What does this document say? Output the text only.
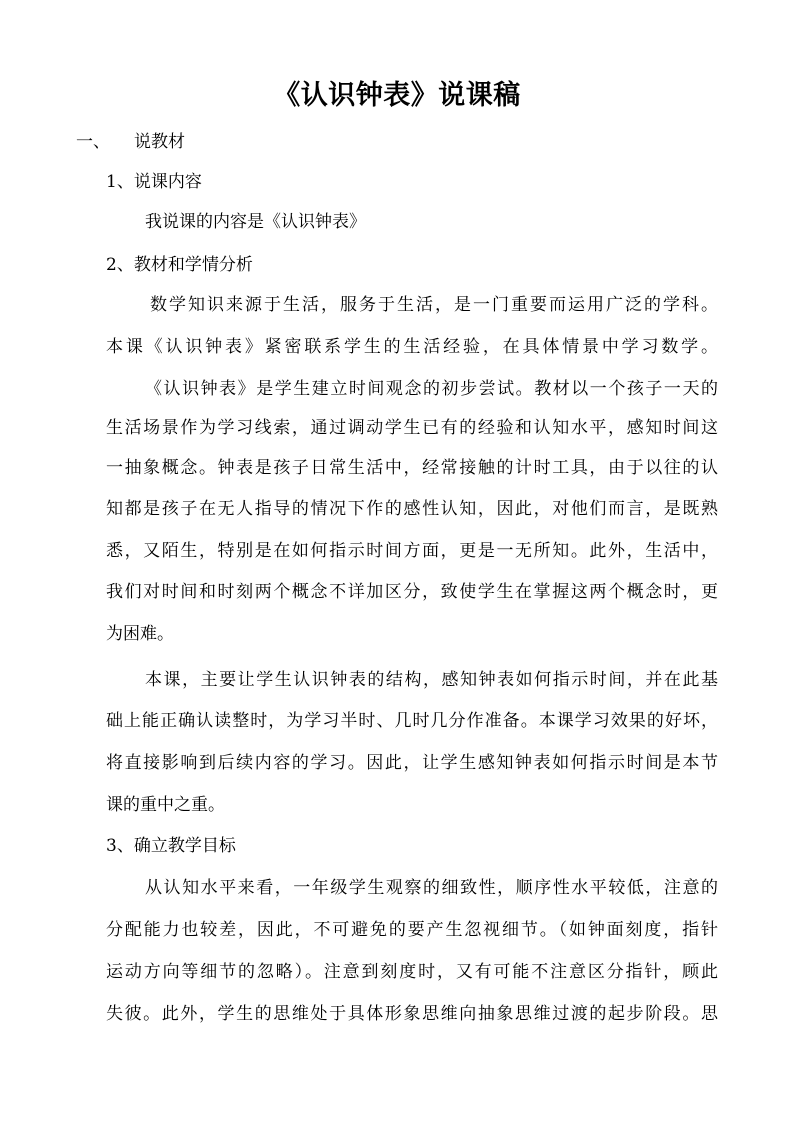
《认识钟表》说课稿
一、 说教材
1、说课内容
我说课的内容是《认识钟表》
2、教材和学情分析
数学知识来源于生活，服务于生活，是一门重要而运用广泛的学科。
本课《认识钟表》紧密联系学生的生活经验，在具体情景中学习数学。
《认识钟表》是学生建立时间观念的初步尝试。教材以一个孩子一天的
生活场景作为学习线索，通过调动学生已有的经验和认知水平，感知时间这
一抽象概念。钟表是孩子日常生活中，经常接触的计时工具，由于以往的认
知都是孩子在无人指导的情况下作的感性认知，因此，对他们而言，是既熟
悉，又陌生，特别是在如何指示时间方面，更是一无所知。此外，生活中，
我们对时间和时刻两个概念不详加区分，致使学生在掌握这两个概念时，更
为困难。
本课，主要让学生认识钟表的结构，感知钟表如何指示时间，并在此基
础上能正确认读整时，为学习半时、几时几分作准备。本课学习效果的好坏，
将直接影响到后续内容的学习。因此，让学生感知钟表如何指示时间是本节
课的重中之重。
3、确立教学目标
从认知水平来看，一年级学生观察的细致性，顺序性水平较低，注意的
分配能力也较差，因此，不可避免的要产生忽视细节。（如钟面刻度，指针
运动方向等细节的忽略）。注意到刻度时，又有可能不注意区分指针，顾此
失彼。此外，学生的思维处于具体形象思维向抽象思维过渡的起步阶段。思
